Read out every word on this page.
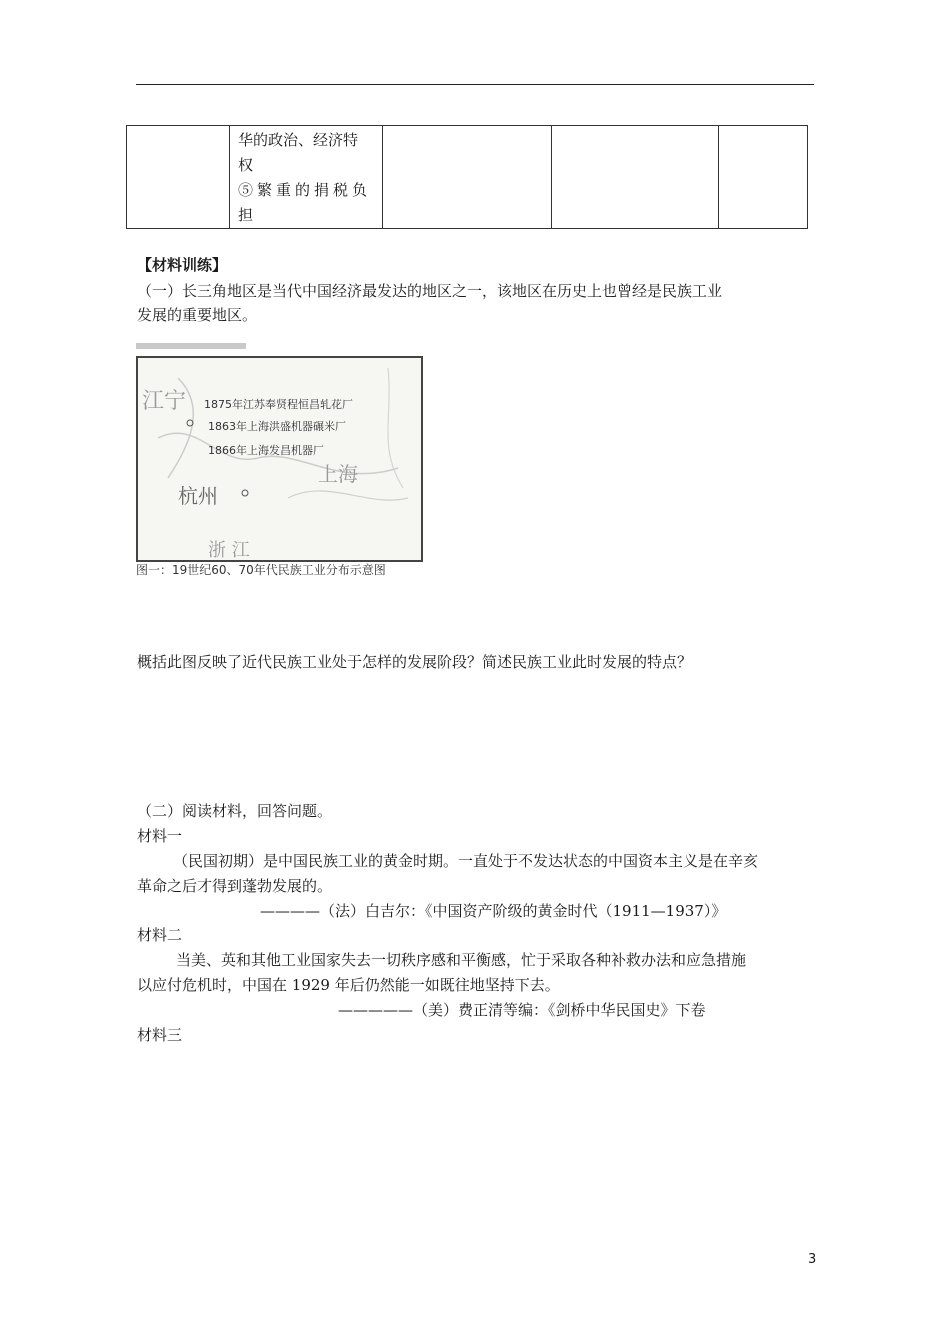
华的政治、经济特
权
⑤繁重的捐税负
担

【材料训练】
（一）长三角地区是当代中国经济最发达的地区之一，该地区在历史上也曾经是民族工业
发展的重要地区。
江宁
上海
杭州
浙 江
1875年江苏奉贤程恒昌轧花厂
1863年上海洪盛机器碾米厂
1866年上海发昌机器厂
图一：19世纪60、70年代民族工业分布示意图
概括此图反映了近代民族工业处于怎样的发展阶段？简述民族工业此时发展的特点？
（二）阅读材料，回答问题。
材料一
（民国初期）是中国民族工业的黄金时期。一直处于不发达状态的中国资本主义是在辛亥
革命之后才得到蓬勃发展的。
————（法）白吉尔：《中国资产阶级的黄金时代（1911—1937）》
材料二
当美、英和其他工业国家失去一切秩序感和平衡感，忙于采取各种补救办法和应急措施
以应付危机时，中国在 1929 年后仍然能一如既往地坚持下去。
—————（美）费正清等编：《剑桥中华民国史》下卷
材料三
3
